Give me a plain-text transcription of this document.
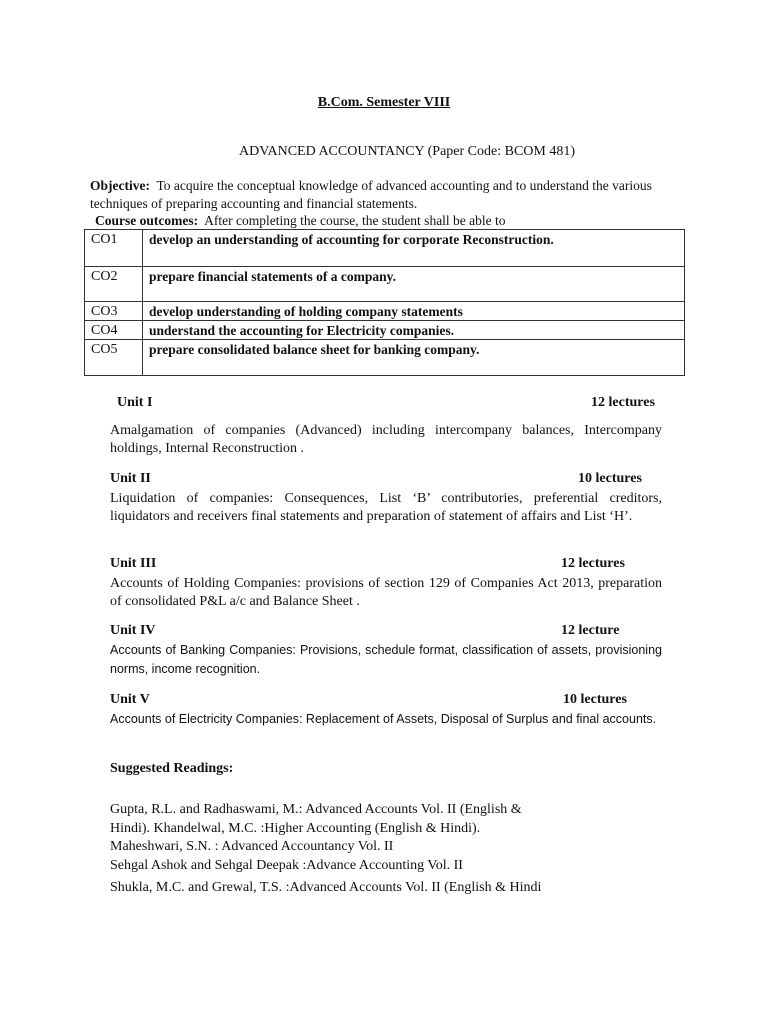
B.Com. Semester VIII
ADVANCED ACCOUNTANCY (Paper Code: BCOM 481)
Objective: To acquire the conceptual knowledge of advanced accounting and to understand the various techniques of preparing accounting and financial statements.
Course outcomes: After completing the course, the student shall be able to
CO1	develop an understanding of accounting for corporate Reconstruction.
CO2	prepare financial statements of a company.
CO3	develop understanding of holding company statements
CO4	understand the accounting for Electricity companies.
CO5	prepare consolidated balance sheet for banking company.
Unit I	12 lectures
Amalgamation of companies (Advanced) including intercompany balances, Intercompany holdings, Internal Reconstruction .
Unit II	10 lectures
Liquidation of companies: Consequences, List ‘B’ contributories, preferential creditors, liquidators and receivers final statements and preparation of statement of affairs and List ‘H’.
Unit III	12 lectures
Accounts of Holding Companies: provisions of section 129 of Companies Act 2013, preparation of consolidated P&L a/c and Balance Sheet .
Unit IV	12 lecture
Accounts of Banking Companies: Provisions, schedule format, classification of assets, provisioning norms, income recognition.
Unit V	10 lectures
Accounts of Electricity Companies: Replacement of Assets, Disposal of Surplus and final accounts.
Suggested Readings:
Gupta, R.L. and Radhaswami, M.: Advanced Accounts Vol. II (English &
Hindi). Khandelwal, M.C. :Higher Accounting (English & Hindi).
Maheshwari, S.N. : Advanced Accountancy Vol. II
Sehgal Ashok and Sehgal Deepak :Advance Accounting Vol. II
Shukla, M.C. and Grewal, T.S. :Advanced Accounts Vol. II (English & Hindi
